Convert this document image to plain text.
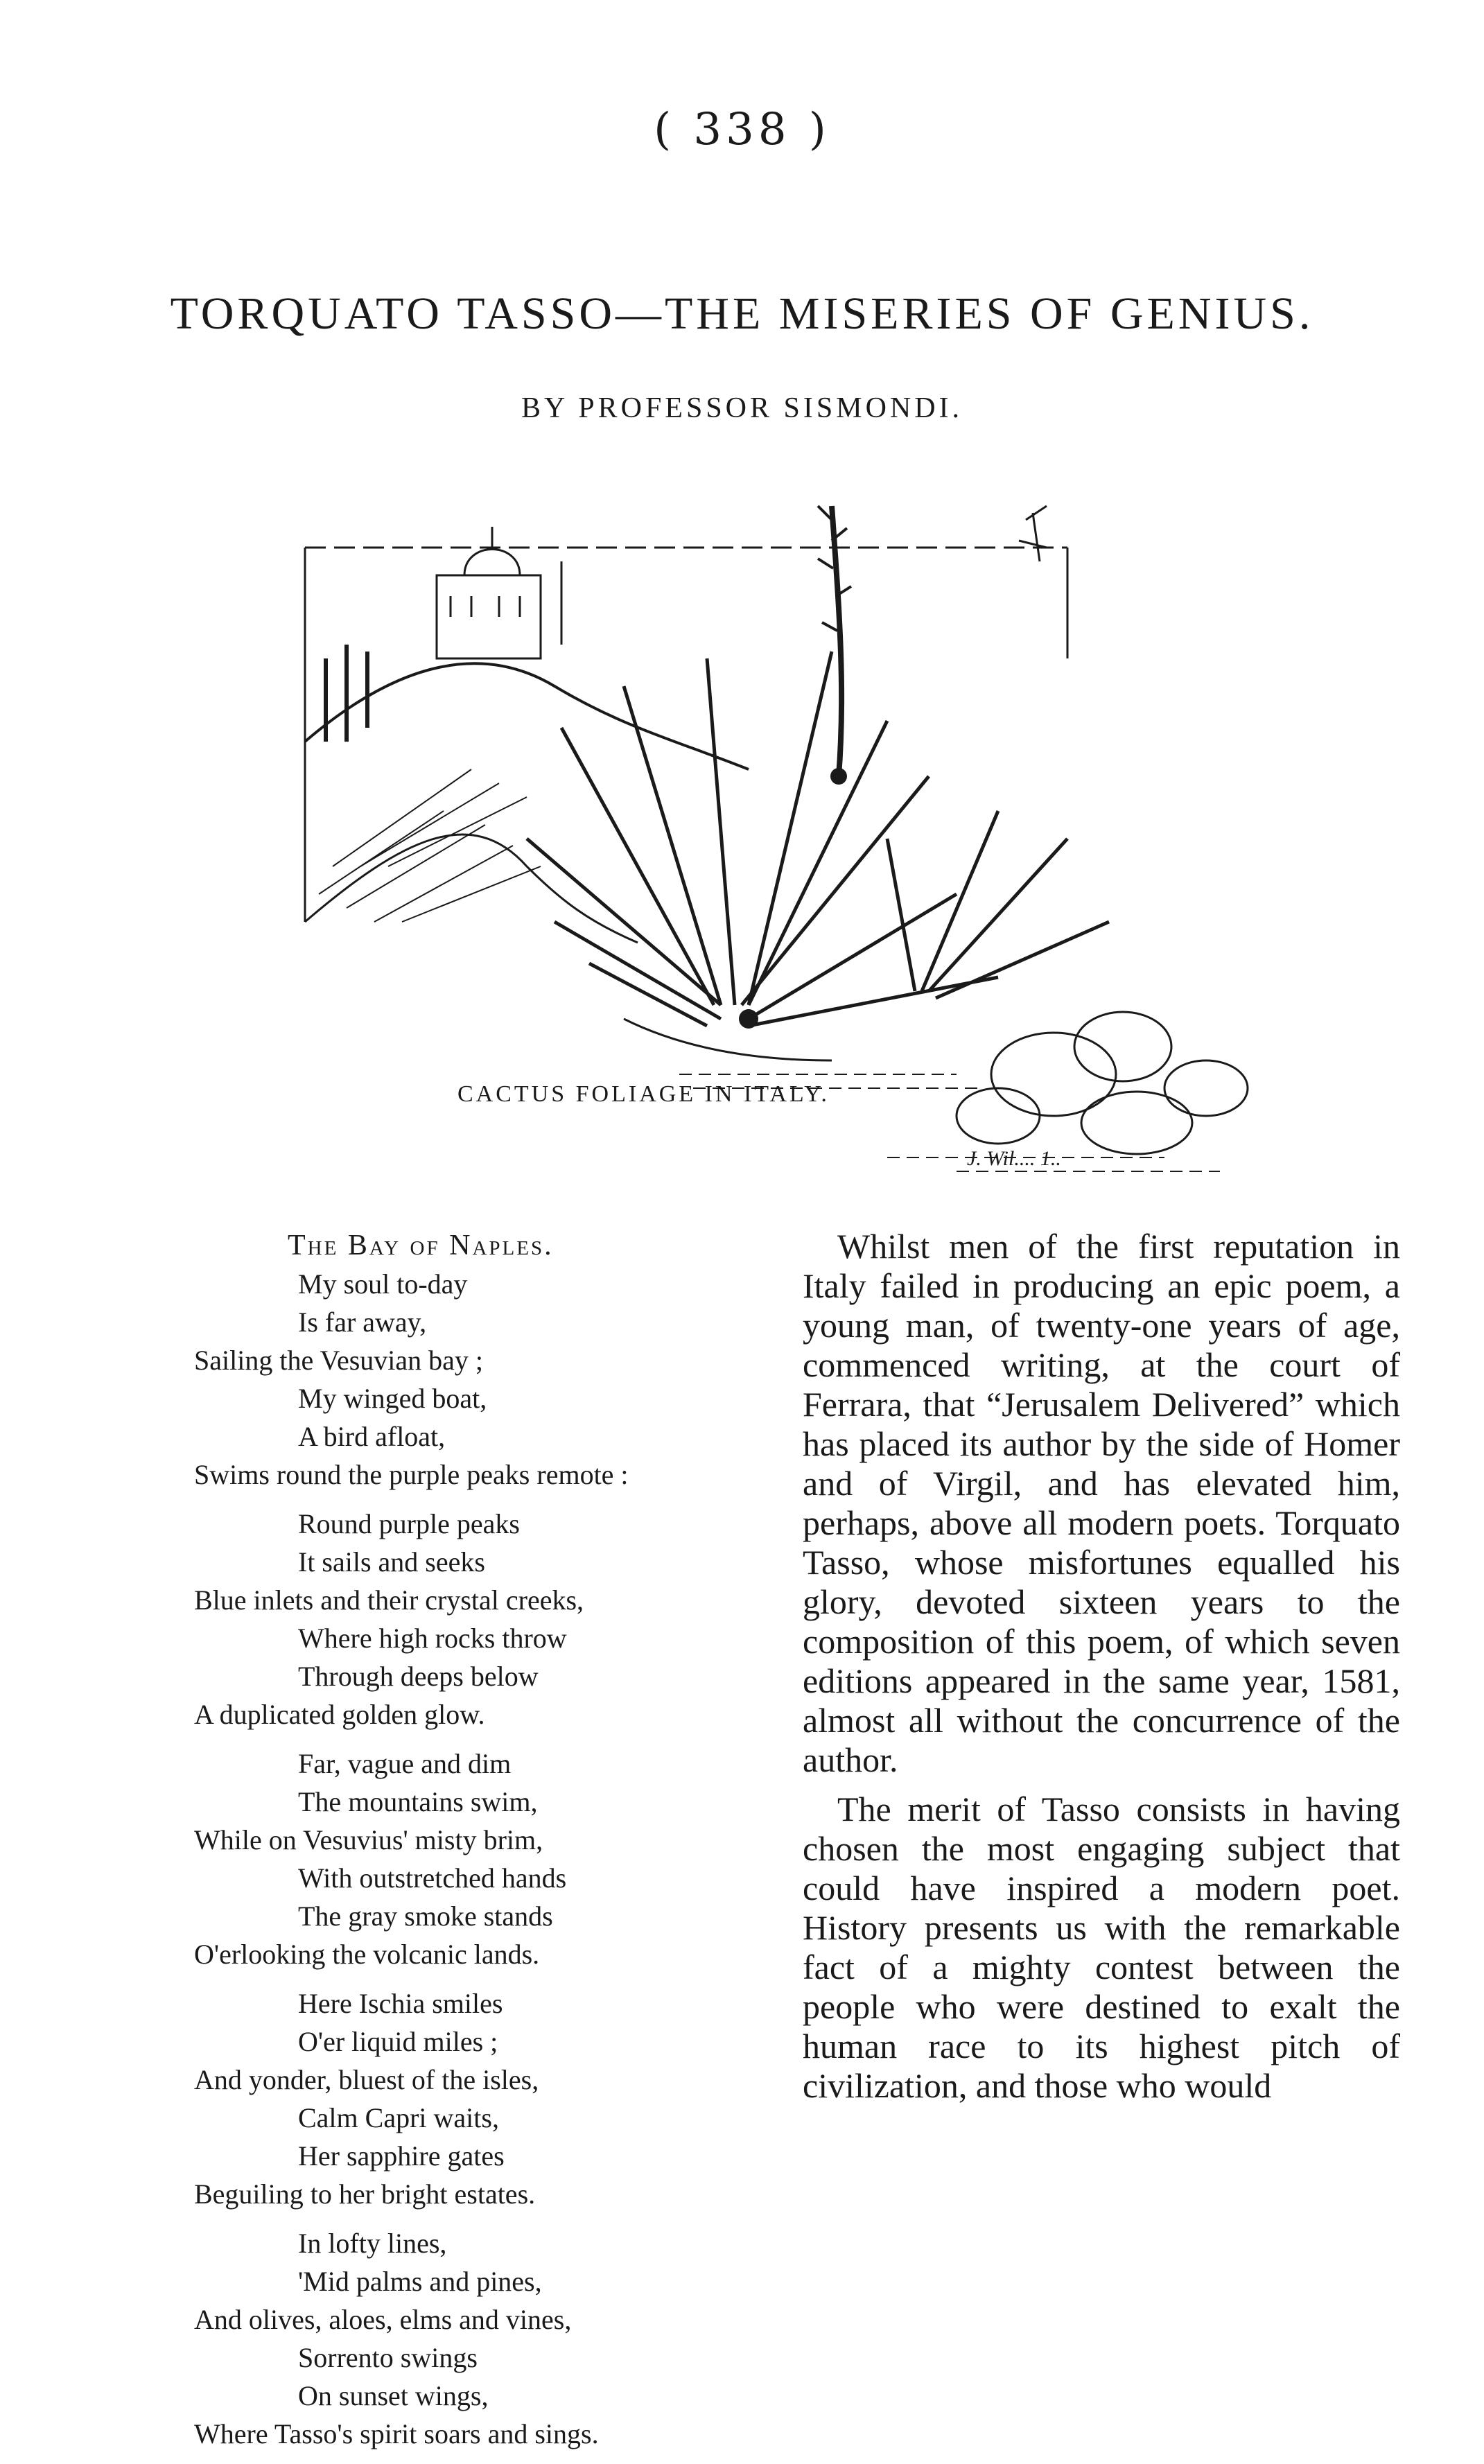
( 338 )
TORQUATO TASSO—THE MISERIES OF GENIUS.
BY PROFESSOR SISMONDI.
CACTUS FOLIAGE IN ITALY.
J. Wil.... 1..
The Bay of Naples.
My soul to-day
Is far away,
Sailing the Vesuvian bay ;
My winged boat,
A bird afloat,
Swims round the purple peaks remote :
Round purple peaks
It sails and seeks
Blue inlets and their crystal creeks,
Where high rocks throw
Through deeps below
A duplicated golden glow.
Far, vague and dim
The mountains swim,
While on Vesuvius' misty brim,
With outstretched hands
The gray smoke stands
O'erlooking the volcanic lands.
Here Ischia smiles
O'er liquid miles ;
And yonder, bluest of the isles,
Calm Capri waits,
Her sapphire gates
Beguiling to her bright estates.
In lofty lines,
'Mid palms and pines,
And olives, aloes, elms and vines,
Sorrento swings
On sunset wings,
Where Tasso's spirit soars and sings.

Whilst men of the first reputation in Italy failed in producing an epic poem, a young man, of twenty-one years of age, commenced writing, at the court of Ferrara, that “Jerusalem Delivered” which has placed its author by the side of Homer and of Virgil, and has elevated him, perhaps, above all modern poets. Torquato Tasso, whose misfortunes equalled his glory, devoted sixteen years to the composition of this poem, of which seven editions appeared in the same year, 1581, almost all without the concurrence of the author.

The merit of Tasso consists in having chosen the most engaging subject that could have inspired a modern poet. History presents us with the remarkable fact of a mighty contest between the people who were destined to exalt the human race to its highest pitch of civilization, and those who would
